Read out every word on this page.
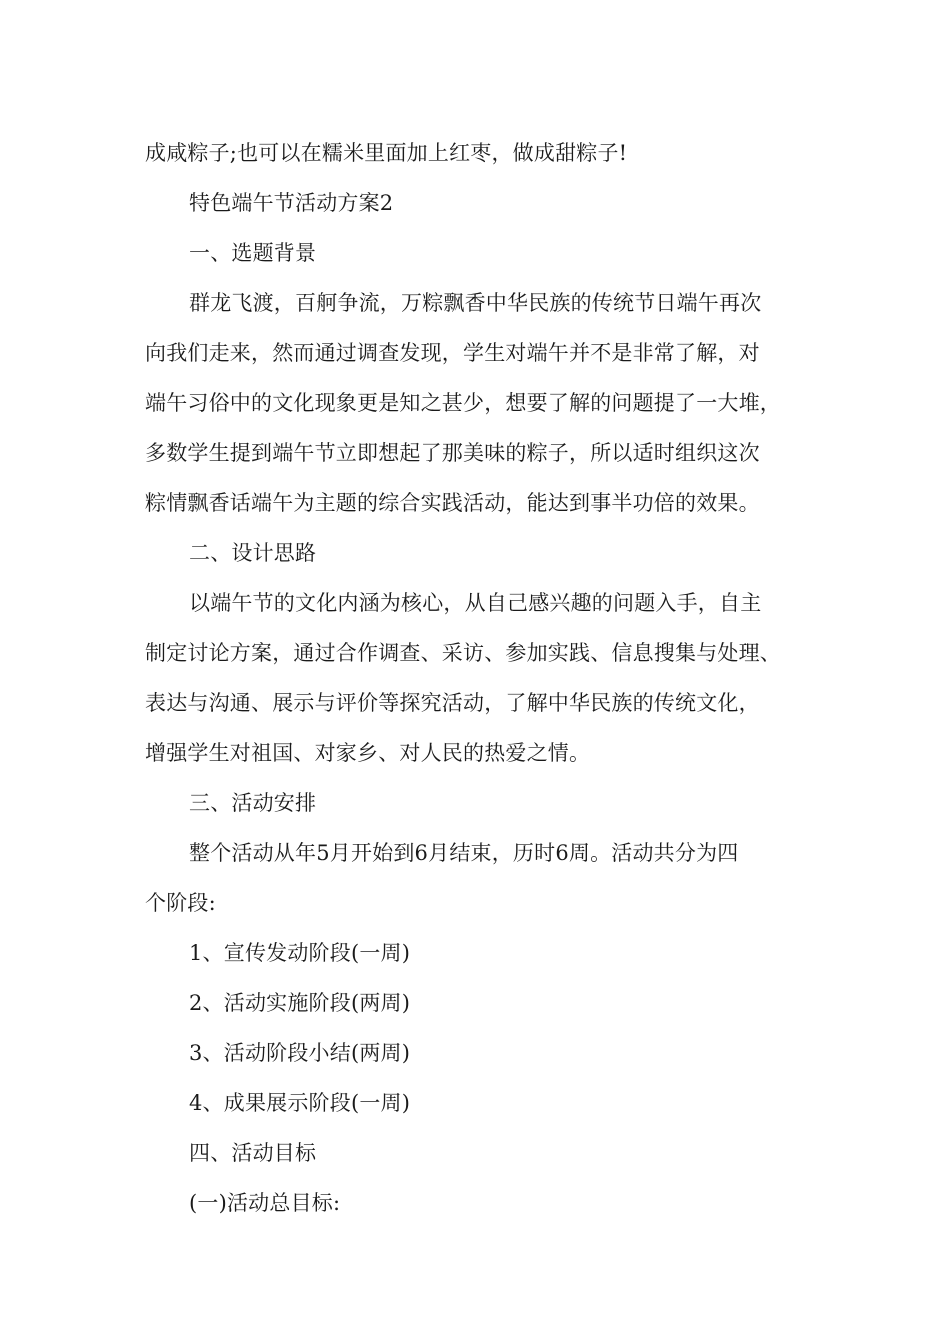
成咸粽子;也可以在糯米里面加上红枣，做成甜粽子!
特色端午节活动方案2
一、选题背景
群龙飞渡，百舸争流，万粽飘香中华民族的传统节日端午再次
向我们走来，然而通过调查发现，学生对端午并不是非常了解，对
端午习俗中的文化现象更是知之甚少，想要了解的问题提了一大堆，
多数学生提到端午节立即想起了那美味的粽子，所以适时组织这次
粽情飘香话端午为主题的综合实践活动，能达到事半功倍的效果。
二、设计思路
以端午节的文化内涵为核心，从自己感兴趣的问题入手，自主
制定讨论方案，通过合作调查、采访、参加实践、信息搜集与处理、
表达与沟通、展示与评价等探究活动，了解中华民族的传统文化，
增强学生对祖国、对家乡、对人民的热爱之情。
三、活动安排
整个活动从年5月开始到6月结束，历时6周。活动共分为四
个阶段:
1、宣传发动阶段(一周)
2、活动实施阶段(两周)
3、活动阶段小结(两周)
4、成果展示阶段(一周)
四、活动目标
(一)活动总目标:
